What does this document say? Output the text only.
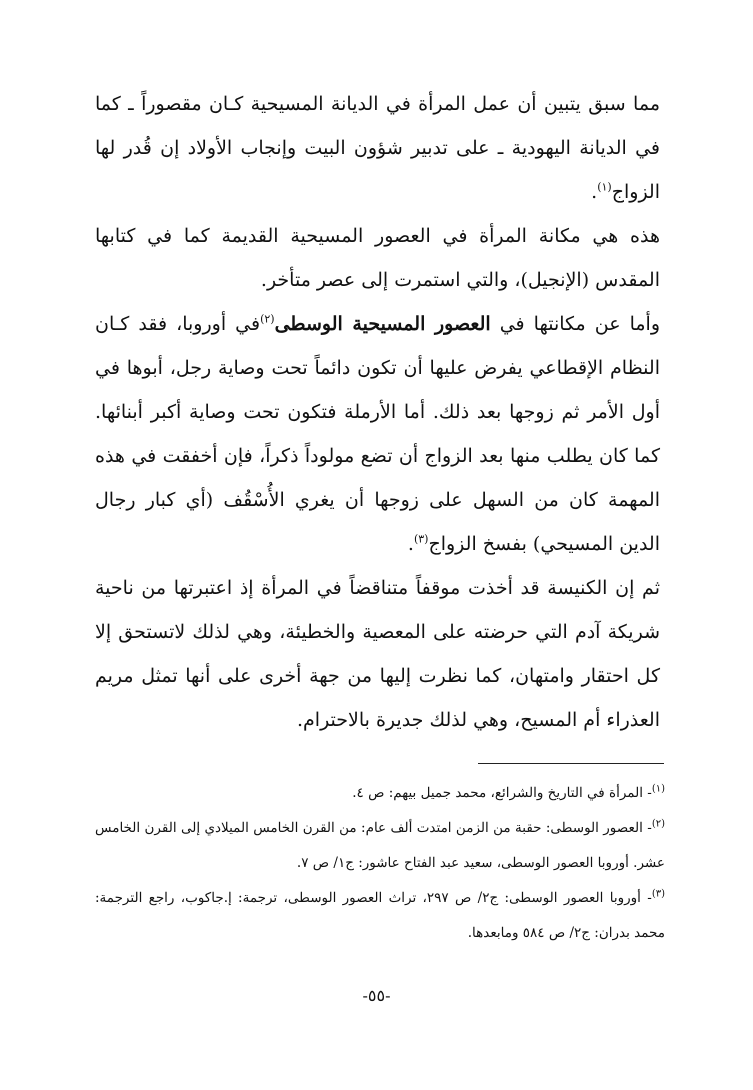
مما سبق يتبين أن عمل المرأة في الديانة المسيحية كـان مقصوراً ـ كما في الديانة اليهودية ـ على تدبير شؤون البيت وإنجاب الأولاد إن قُدر لها الزواج$^{(١)}$.

هذه هي مكانة المرأة في العصور المسيحية القديمة كما في كتابها المقدس (الإنجيل)، والتي استمرت إلى عصر متأخر.

وأما عن مكانتها في العصور المسيحية الوسطى$^{(٢)}$في أوروبا، فقد كـان النظام الإقطاعي يفرض عليها أن تكون دائماً تحت وصاية رجل، أبوها في أول الأمر ثم زوجها بعد ذلك. أما الأرملة فتكون تحت وصاية أكبر أبنائها. كما كان يطلب منها بعد الزواج أن تضع مولوداً ذكراً، فإن أخفقت في هذه المهمة كان من السهل على زوجها أن يغري الأُسْقُف (أي كبار رجال الدين المسيحي) بفسخ الزواج$^{(٣)}$.

ثم إن الكنيسة قد أخذت موقفاً متناقضاً في المرأة إذ اعتبرتها من ناحية شريكة آدم التي حرضته على المعصية والخطيئة، وهي لذلك لاتستحق إلا كل احتقار وامتهان، كما نظرت إليها من جهة أخرى على أنها تمثل مريم العذراء أم المسيح، وهي لذلك جديرة بالاحترام.

$^{(١)}$- المرأة في التاريخ والشرائع، محمد جميل بيهم: ص ٤.

$^{(٢)}$- العصور الوسطى: حقبة من الزمن امتدت ألف عام: من القرن الخامس الميلادي إلى القرن الخامس عشر. أوروبا العصور الوسطى، سعيد عبد الفتاح عاشور: ج١/ ص ٧.

$^{(٣)}$- أوروبا العصور الوسطى: ج٢/ ص ٢٩٧، تراث العصور الوسطى، ترجمة: إ.جاكوب، راجع الترجمة: محمد بدران: ج٢/ ص ٥٨٤ ومابعدها.

-٥٥-
